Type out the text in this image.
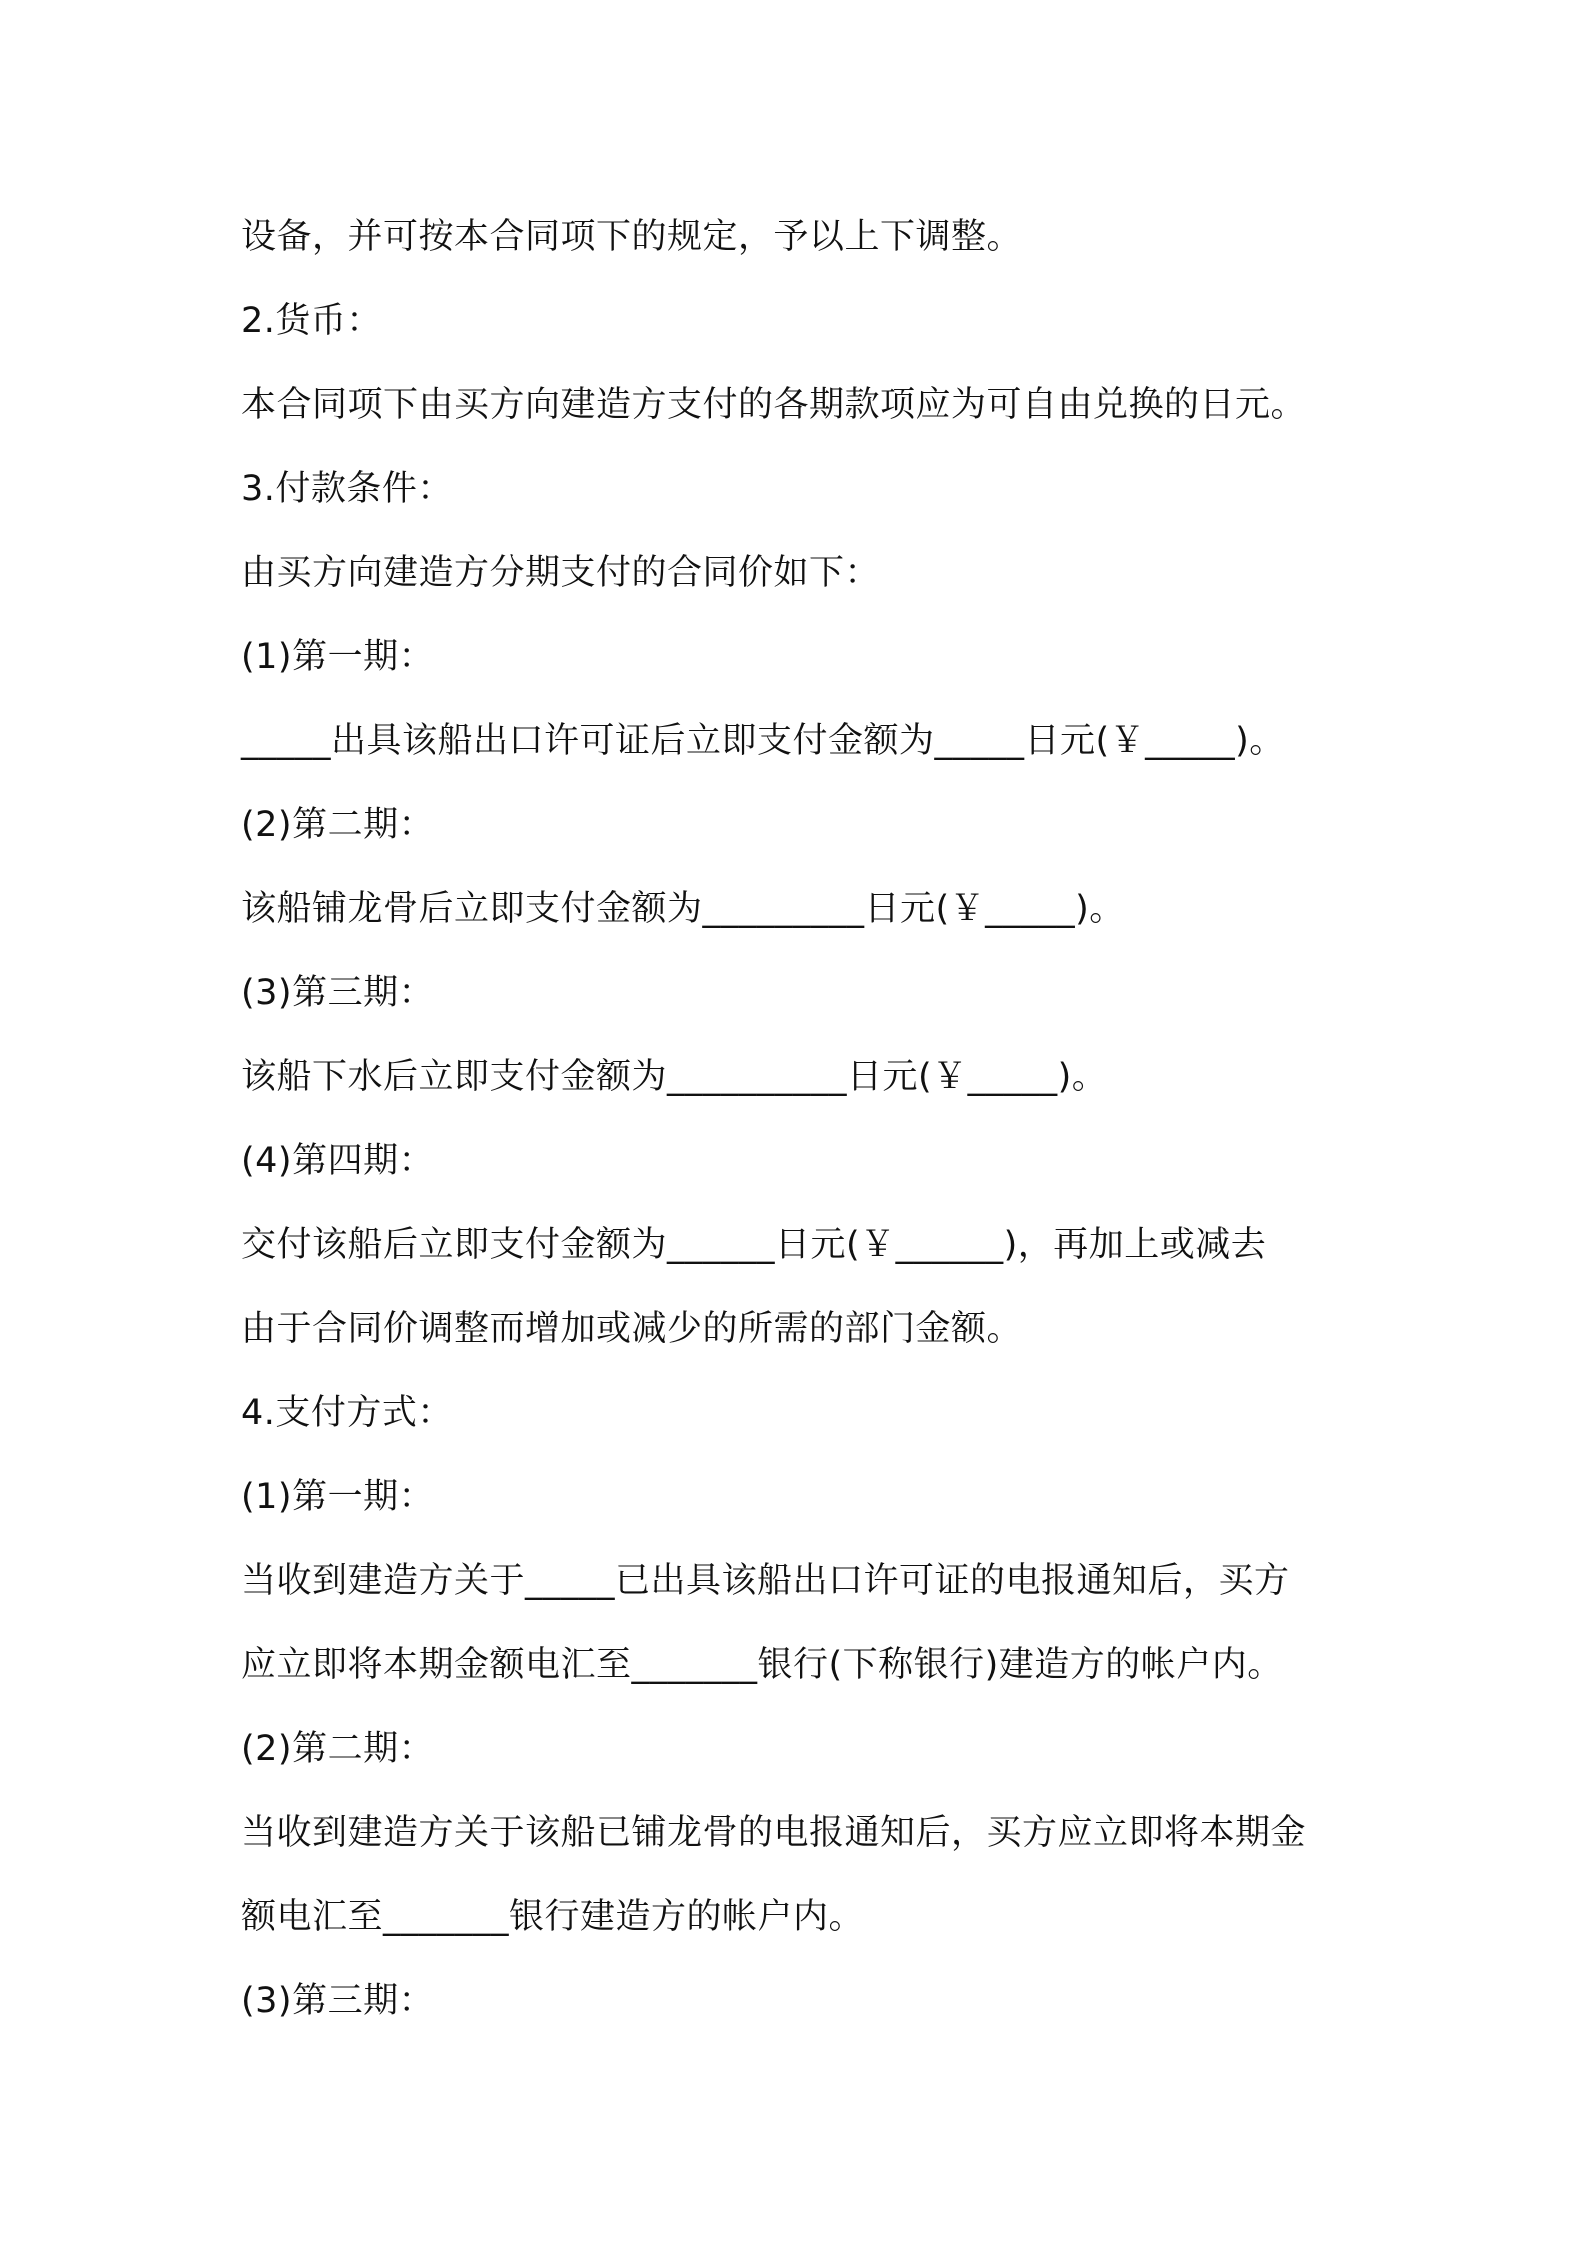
设备，并可按本合同项下的规定，予以上下调整。
2.货币：
本合同项下由买方向建造方支付的各期款项应为可自由兑换的日元。
3.付款条件：
由买方向建造方分期支付的合同价如下：
(1)第一期：
_____出具该船出口许可证后立即支付金额为_____日元(￥_____)。
(2)第二期：
该船铺龙骨后立即支付金额为_________日元(￥_____)。
(3)第三期：
该船下水后立即支付金额为__________日元(￥_____)。
(4)第四期：
交付该船后立即支付金额为______日元(￥______)，再加上或减去
由于合同价调整而增加或减少的所需的部门金额。
4.支付方式：
(1)第一期：
当收到建造方关于_____已出具该船出口许可证的电报通知后，买方
应立即将本期金额电汇至_______银行(下称银行)建造方的帐户内。
(2)第二期：
当收到建造方关于该船已铺龙骨的电报通知后，买方应立即将本期金
额电汇至_______银行建造方的帐户内。
(3)第三期：
